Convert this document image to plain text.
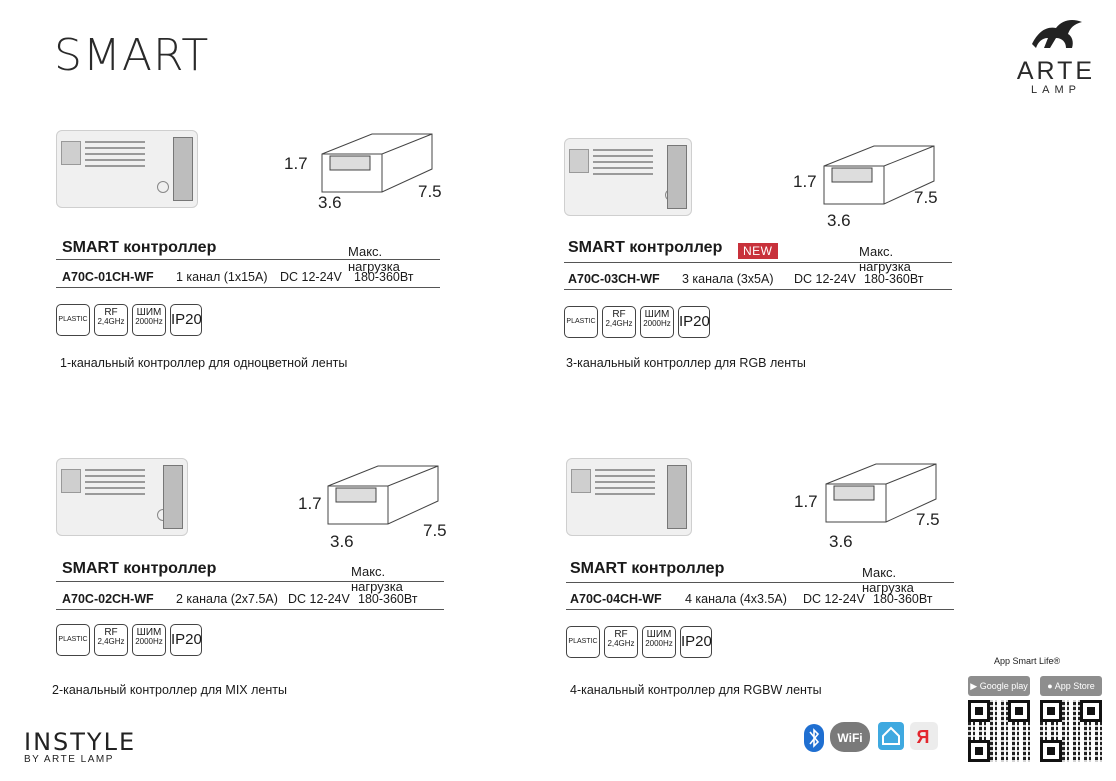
SMART	ARTE
LAMP
1.7
3.6
7.5
SMART контроллер	Макс. нагрузка
A70C-01CH-WF 1 канал (1x15A) DC 12-24V 180-360Вт
PLASTIC
RF
2,4GHz
ШИМ
2000Hz IP20
1-канальный контроллер для одноцветной ленты
1.7
3.6
7.5
SMART контроллер	NEW	Макс. нагрузка
A70C-03CH-WF 3 канала (3x5A) DC 12-24V 180-360Вт
PLASTIC
RF
2,4GHz
ШИМ
2000Hz IP20
3-канальный контроллер для RGB ленты
1.7
3.6
7.5
SMART контроллер	Макс. нагрузка
A70C-02CH-WF 2 канала (2x7.5A) DC 12-24V 180-360Вт
PLASTIC
RF
2,4GHz
ШИМ
2000Hz IP20
2-канальный контроллер для MIX ленты
1.7
3.6
7.5
SMART контроллер	Макс. нагрузка
A70C-04CH-WF 4 канала (4x3.5A) DC 12-24V 180-360Вт
PLASTIC
RF
2,4GHz
ШИМ
2000Hz IP20
4-канальный контроллер для RGBW ленты
INSTYLE
BY ARTE LAMP
WiFi	Я
App Smart Life®
▶ Google play	● App Store
